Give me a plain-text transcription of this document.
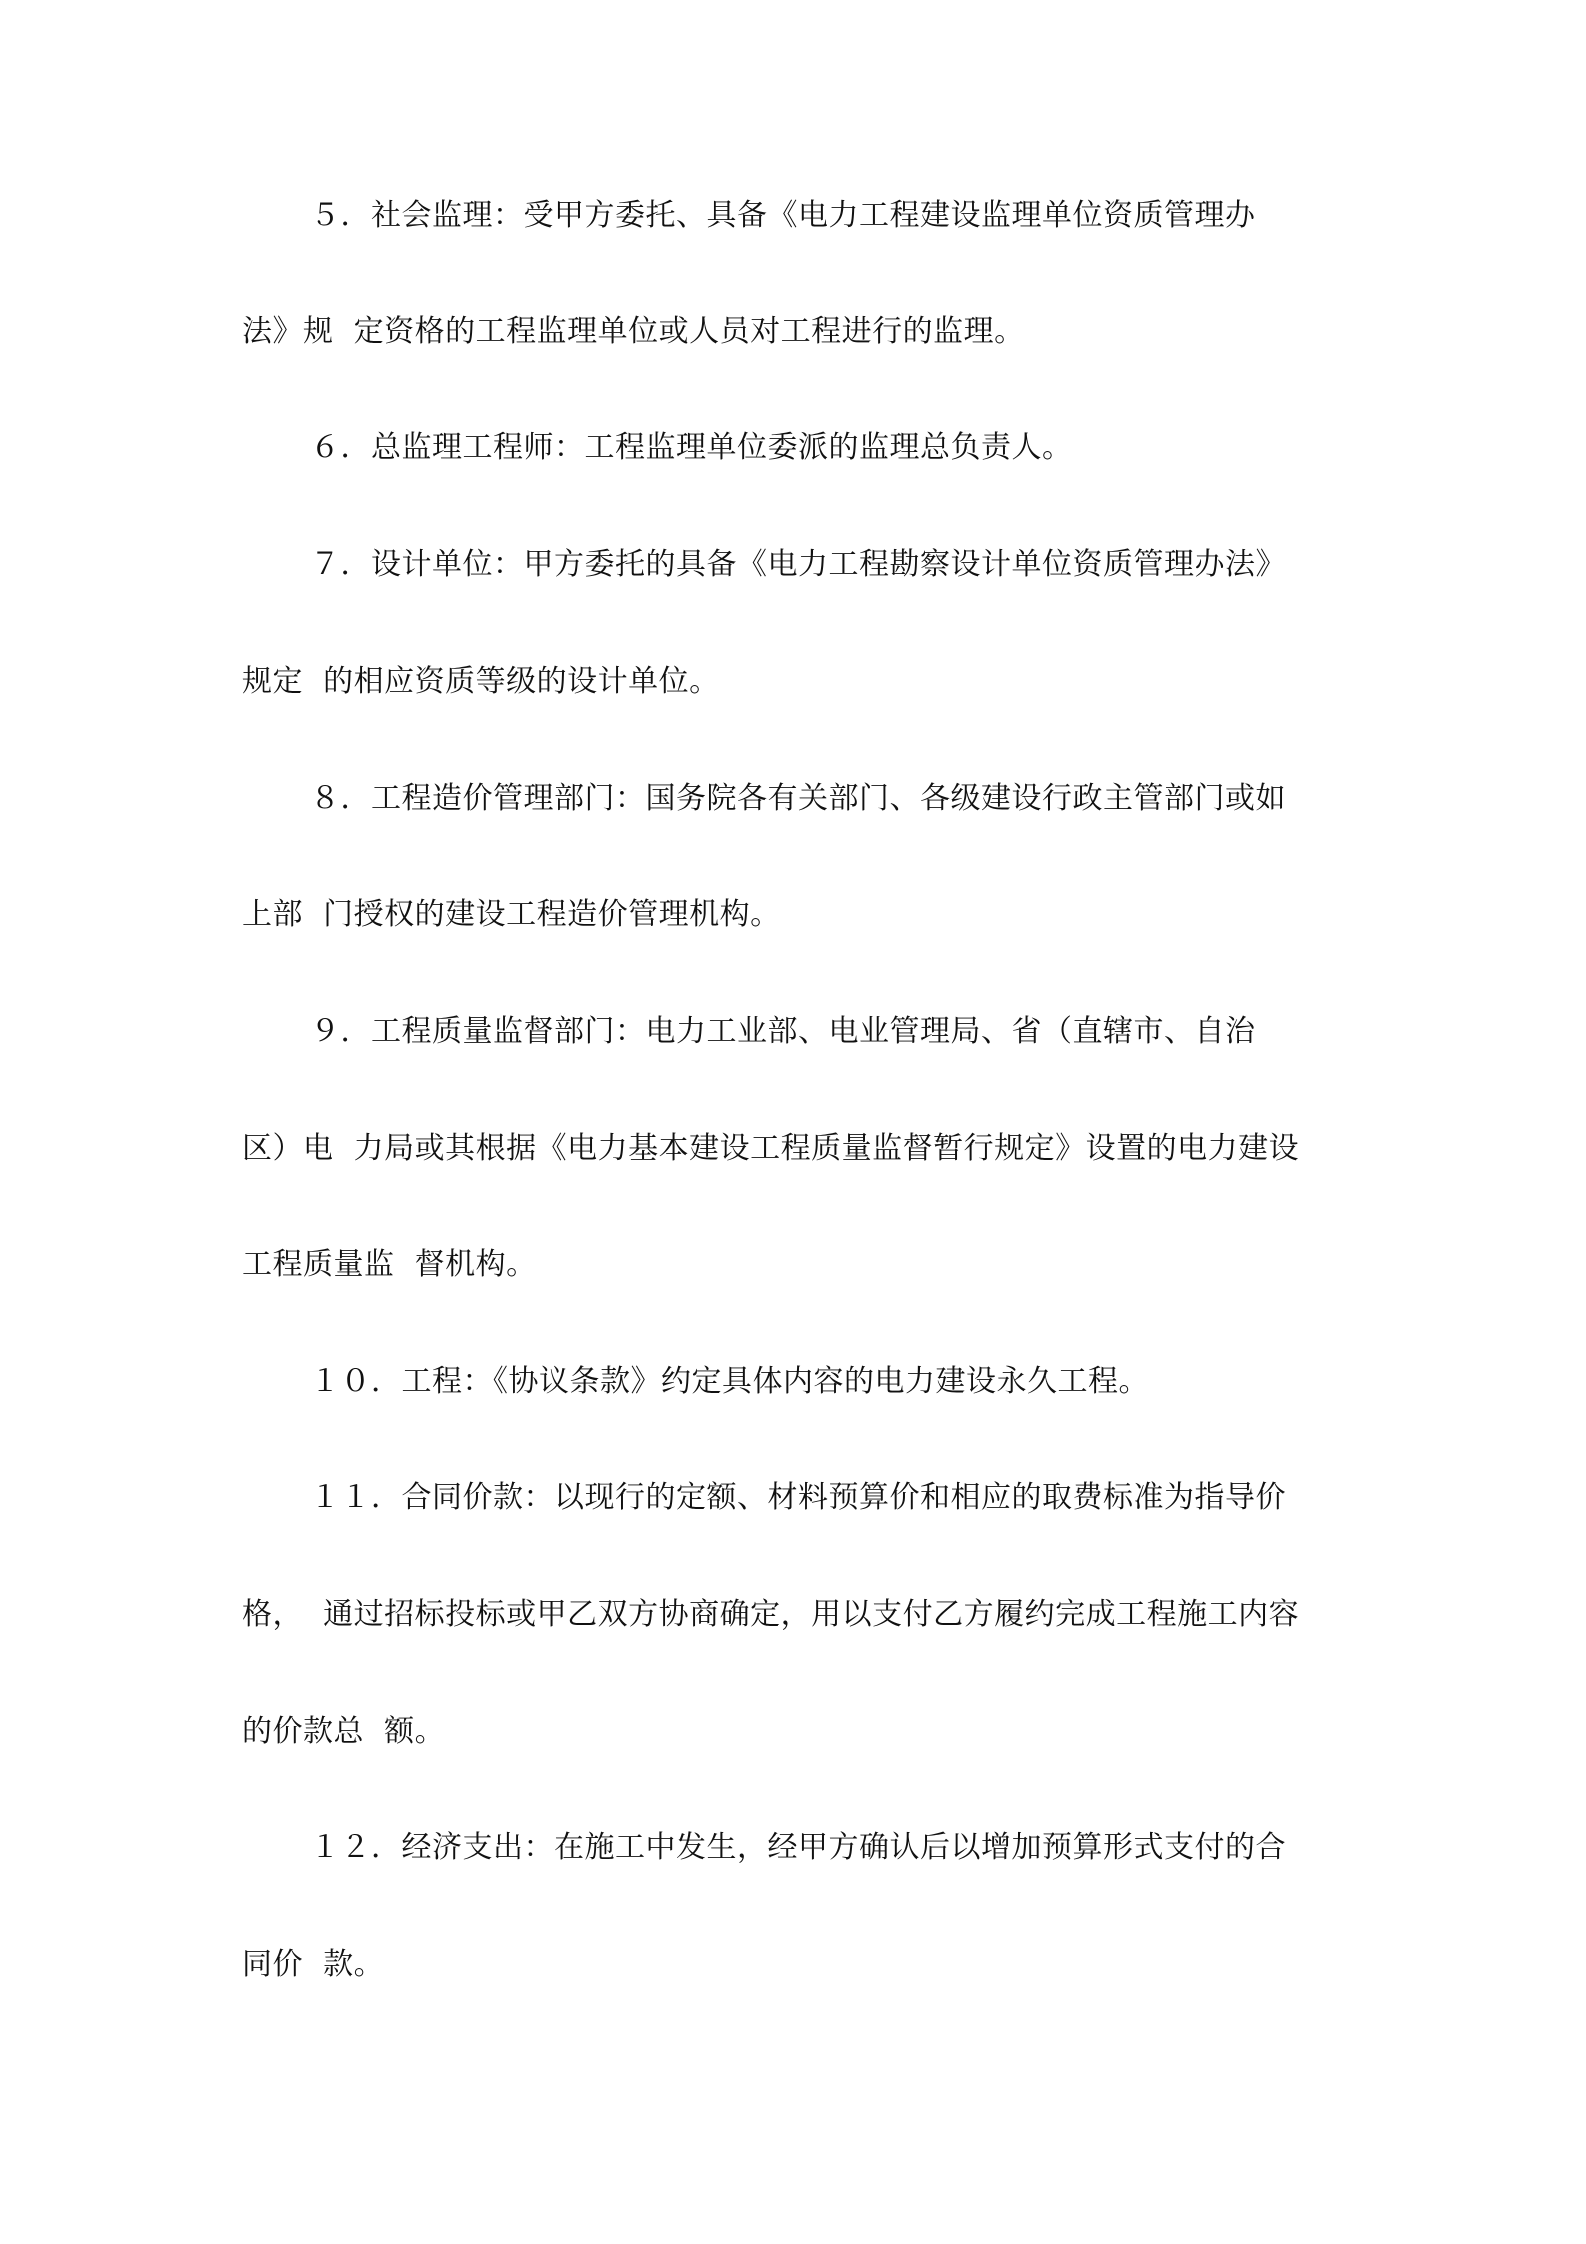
５．社会监理：受甲方委托、具备《电力工程建设监理单位资质管理办
法》规  定资格的工程监理单位或人员对工程进行的监理。
６．总监理工程师：工程监理单位委派的监理总负责人。
７．设计单位：甲方委托的具备《电力工程勘察设计单位资质管理办法》
规定  的相应资质等级的设计单位。
８．工程造价管理部门：国务院各有关部门、各级建设行政主管部门或如
上部  门授权的建设工程造价管理机构。
９．工程质量监督部门：电力工业部、电业管理局、省（直辖市、自治
区）电  力局或其根据《电力基本建设工程质量监督暂行规定》设置的电力建设
工程质量监  督机构。
１０．工程：《协议条款》约定具体内容的电力建设永久工程。
１１．合同价款：以现行的定额、材料预算价和相应的取费标准为指导价
格，  通过招标投标或甲乙双方协商确定，用以支付乙方履约完成工程施工内容
的价款总  额。
１２．经济支出：在施工中发生，经甲方确认后以增加预算形式支付的合
同价  款。
